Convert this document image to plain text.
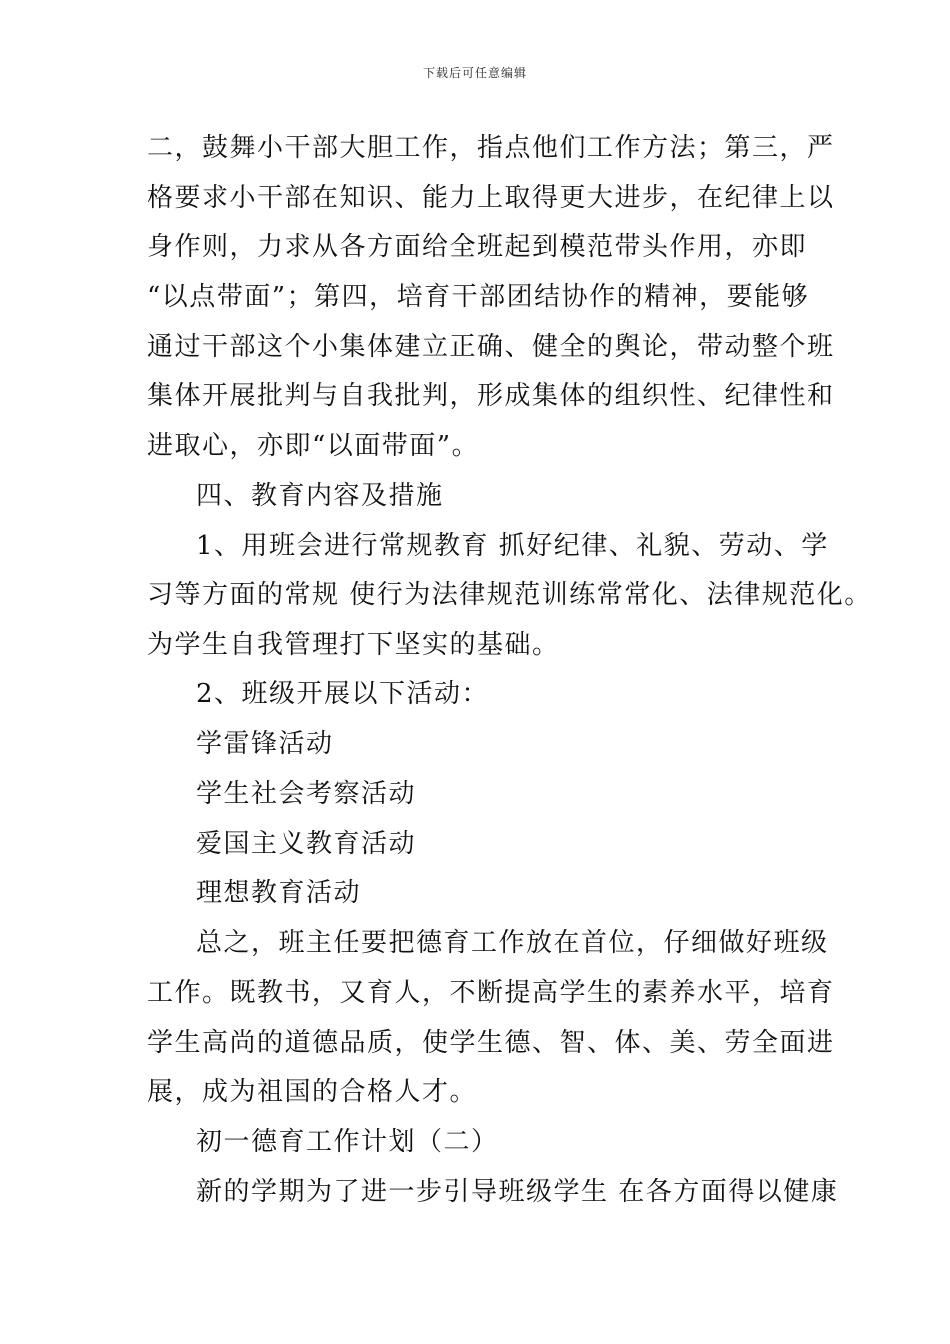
下载后可任意编辑
二，鼓舞小干部大胆工作，指点他们工作方法；第三，严
格要求小干部在知识、能力上取得更大进步，在纪律上以
身作则，力求从各方面给全班起到模范带头作用，亦即
“以点带面”；第四，培育干部团结协作的精神，要能够
通过干部这个小集体建立正确、健全的舆论，带动整个班
集体开展批判与自我批判，形成集体的组织性、纪律性和
进取心，亦即“以面带面”。
四、教育内容及措施
1、用班会进行常规教育 抓好纪律、礼貌、劳动、学
习等方面的常规 使行为法律规范训练常常化、法律规范化。
为学生自我管理打下坚实的基础。
2、班级开展以下活动：
学雷锋活动
学生社会考察活动
爱国主义教育活动
理想教育活动
总之，班主任要把德育工作放在首位，仔细做好班级
工作。既教书，又育人，不断提高学生的素养水平，培育
学生高尚的道德品质，使学生德、智、体、美、劳全面进
展，成为祖国的合格人才。
初一德育工作计划（二）
新的学期为了进一步引导班级学生 在各方面得以健康
